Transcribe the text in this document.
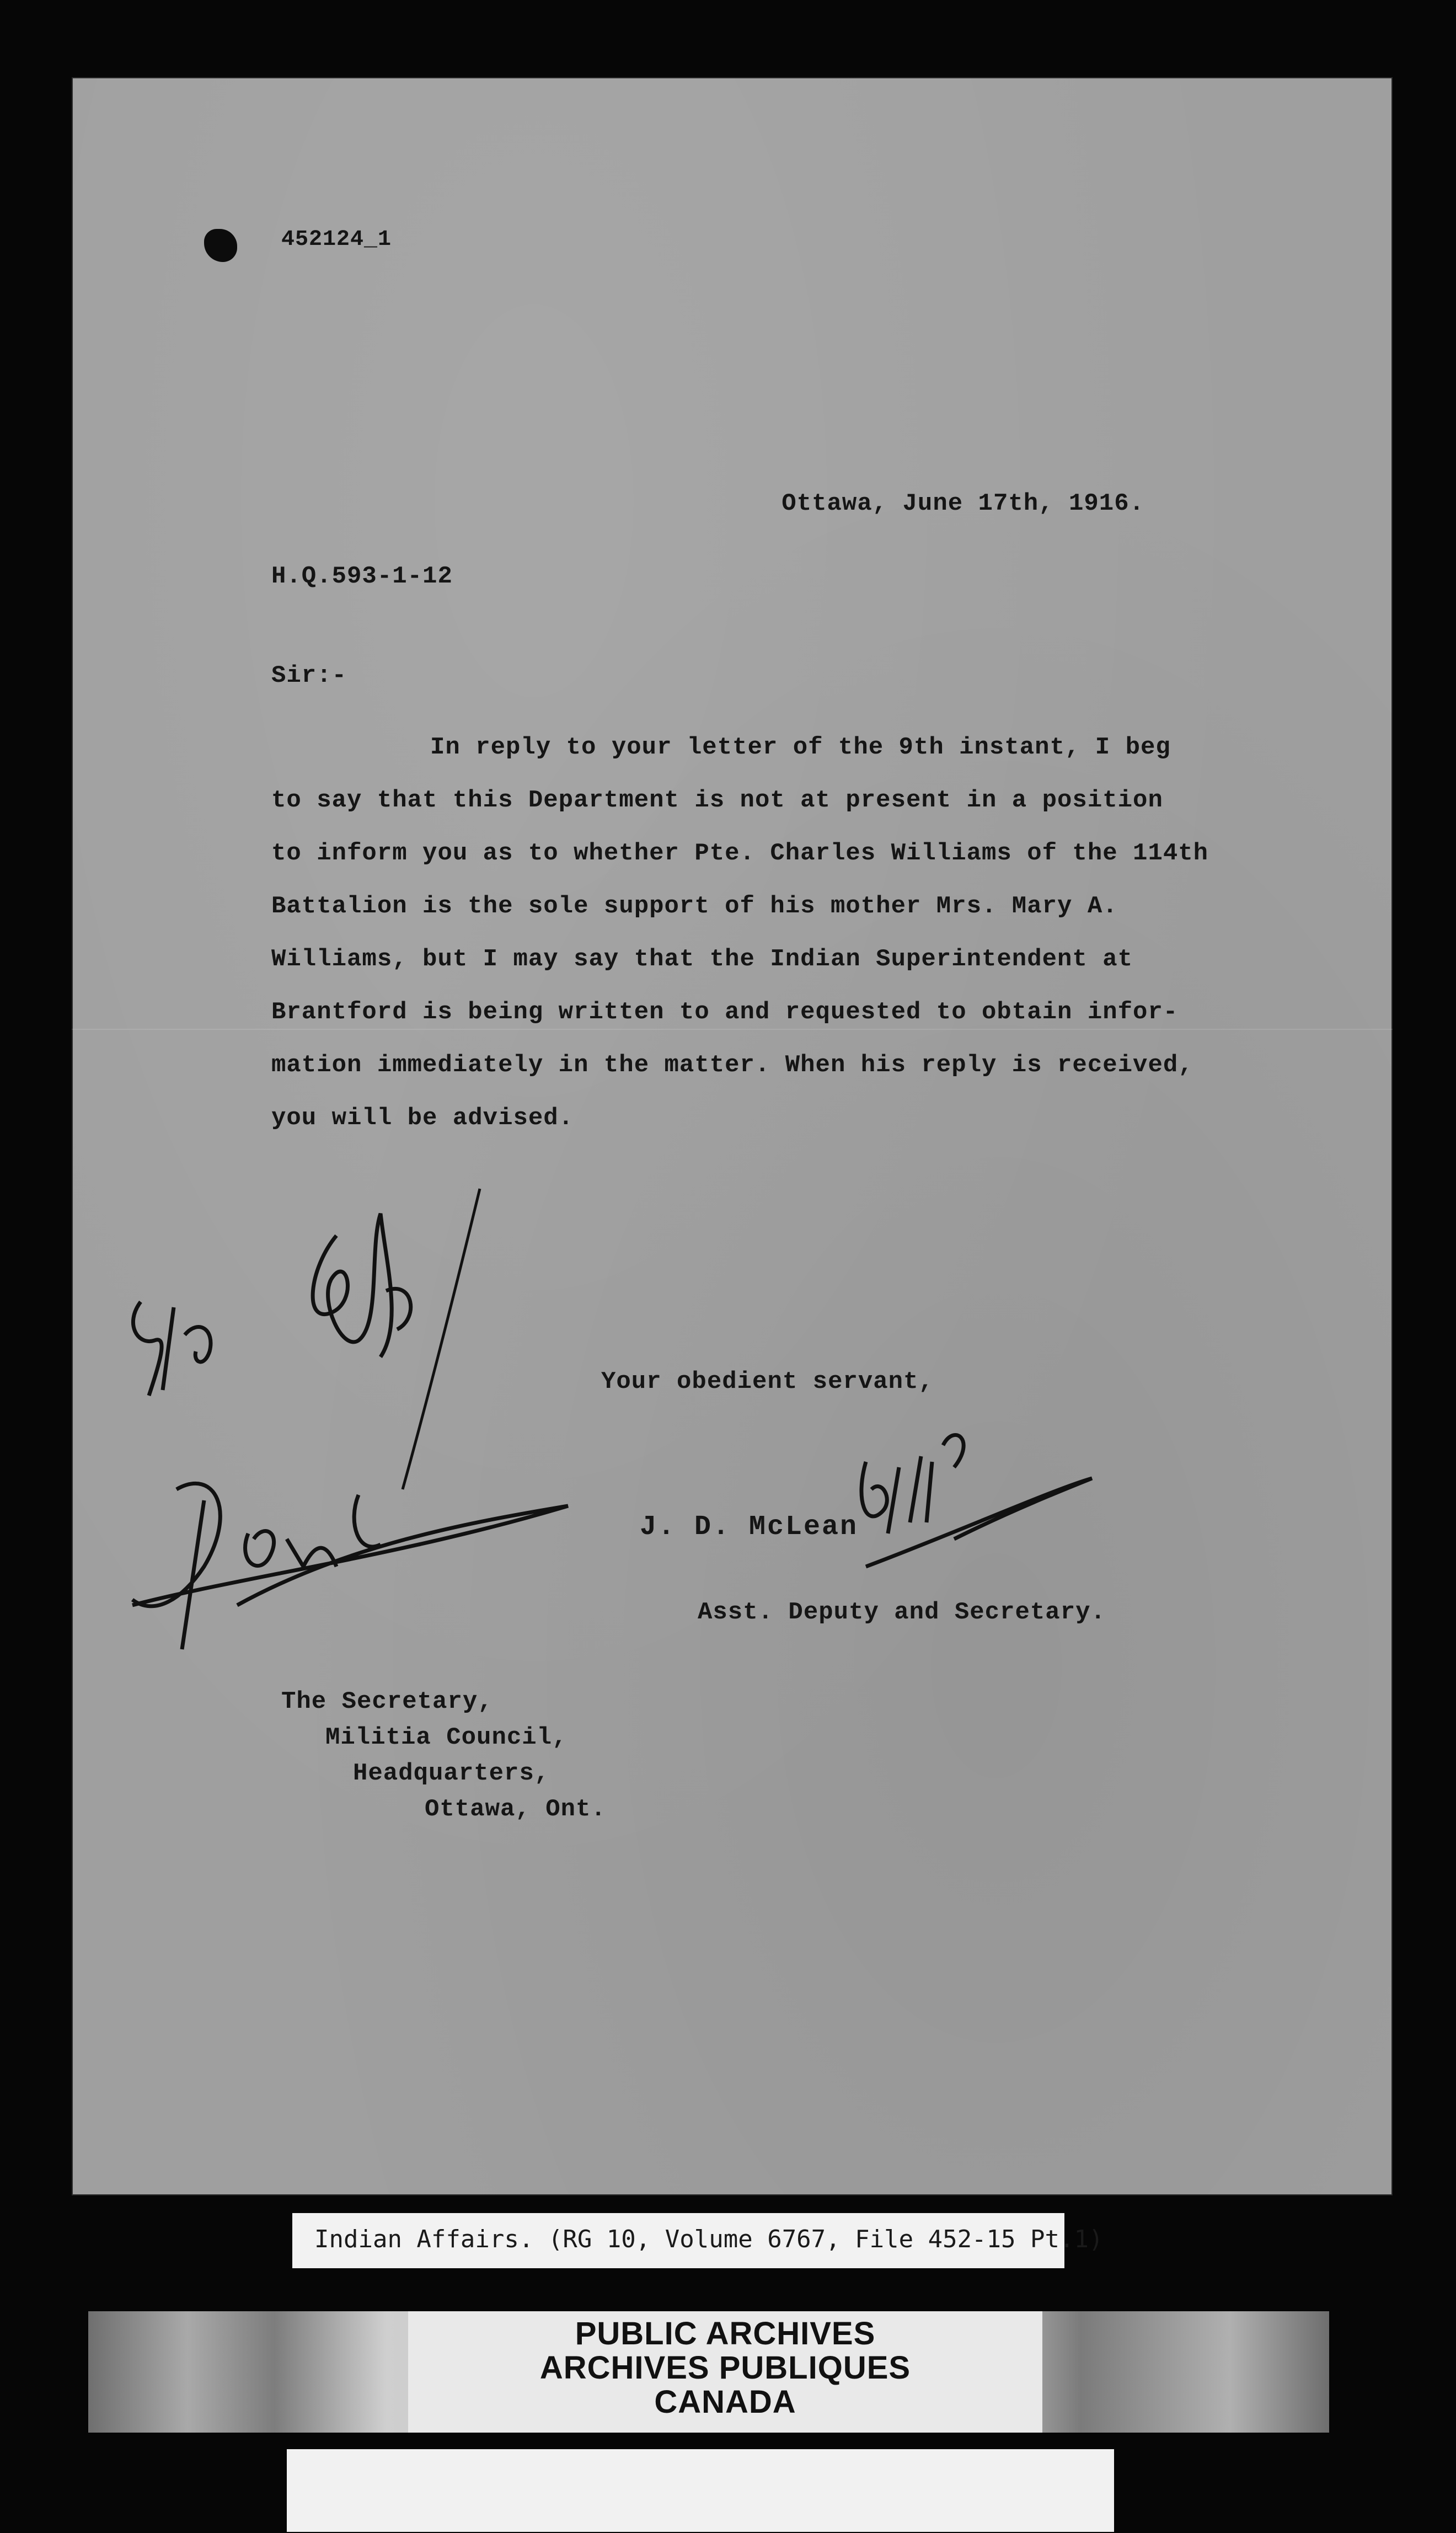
452124_1
Ottawa, June 17th, 1916.
H.Q.593-1-12
Sir:-
In reply to your letter of the 9th instant, I beg
to say that this Department is not at present in a position
to inform you as to whether Pte. Charles Williams of the 114th
Battalion is the sole support of his mother Mrs. Mary A.
Williams, but I may say that the Indian Superintendent at
Brantford is being written to and requested to obtain infor-
mation immediately in the matter. When his reply is received,
you will be advised.
Your obedient servant,
J. D. McLean
Asst. Deputy and Secretary.
The Secretary,
Militia Council,
Headquarters,
Ottawa, Ont.
Indian Affairs. (RG 10, Volume 6767, File 452-15 Pt.1)
PUBLIC ARCHIVES
ARCHIVES PUBLIQUES
CANADA
